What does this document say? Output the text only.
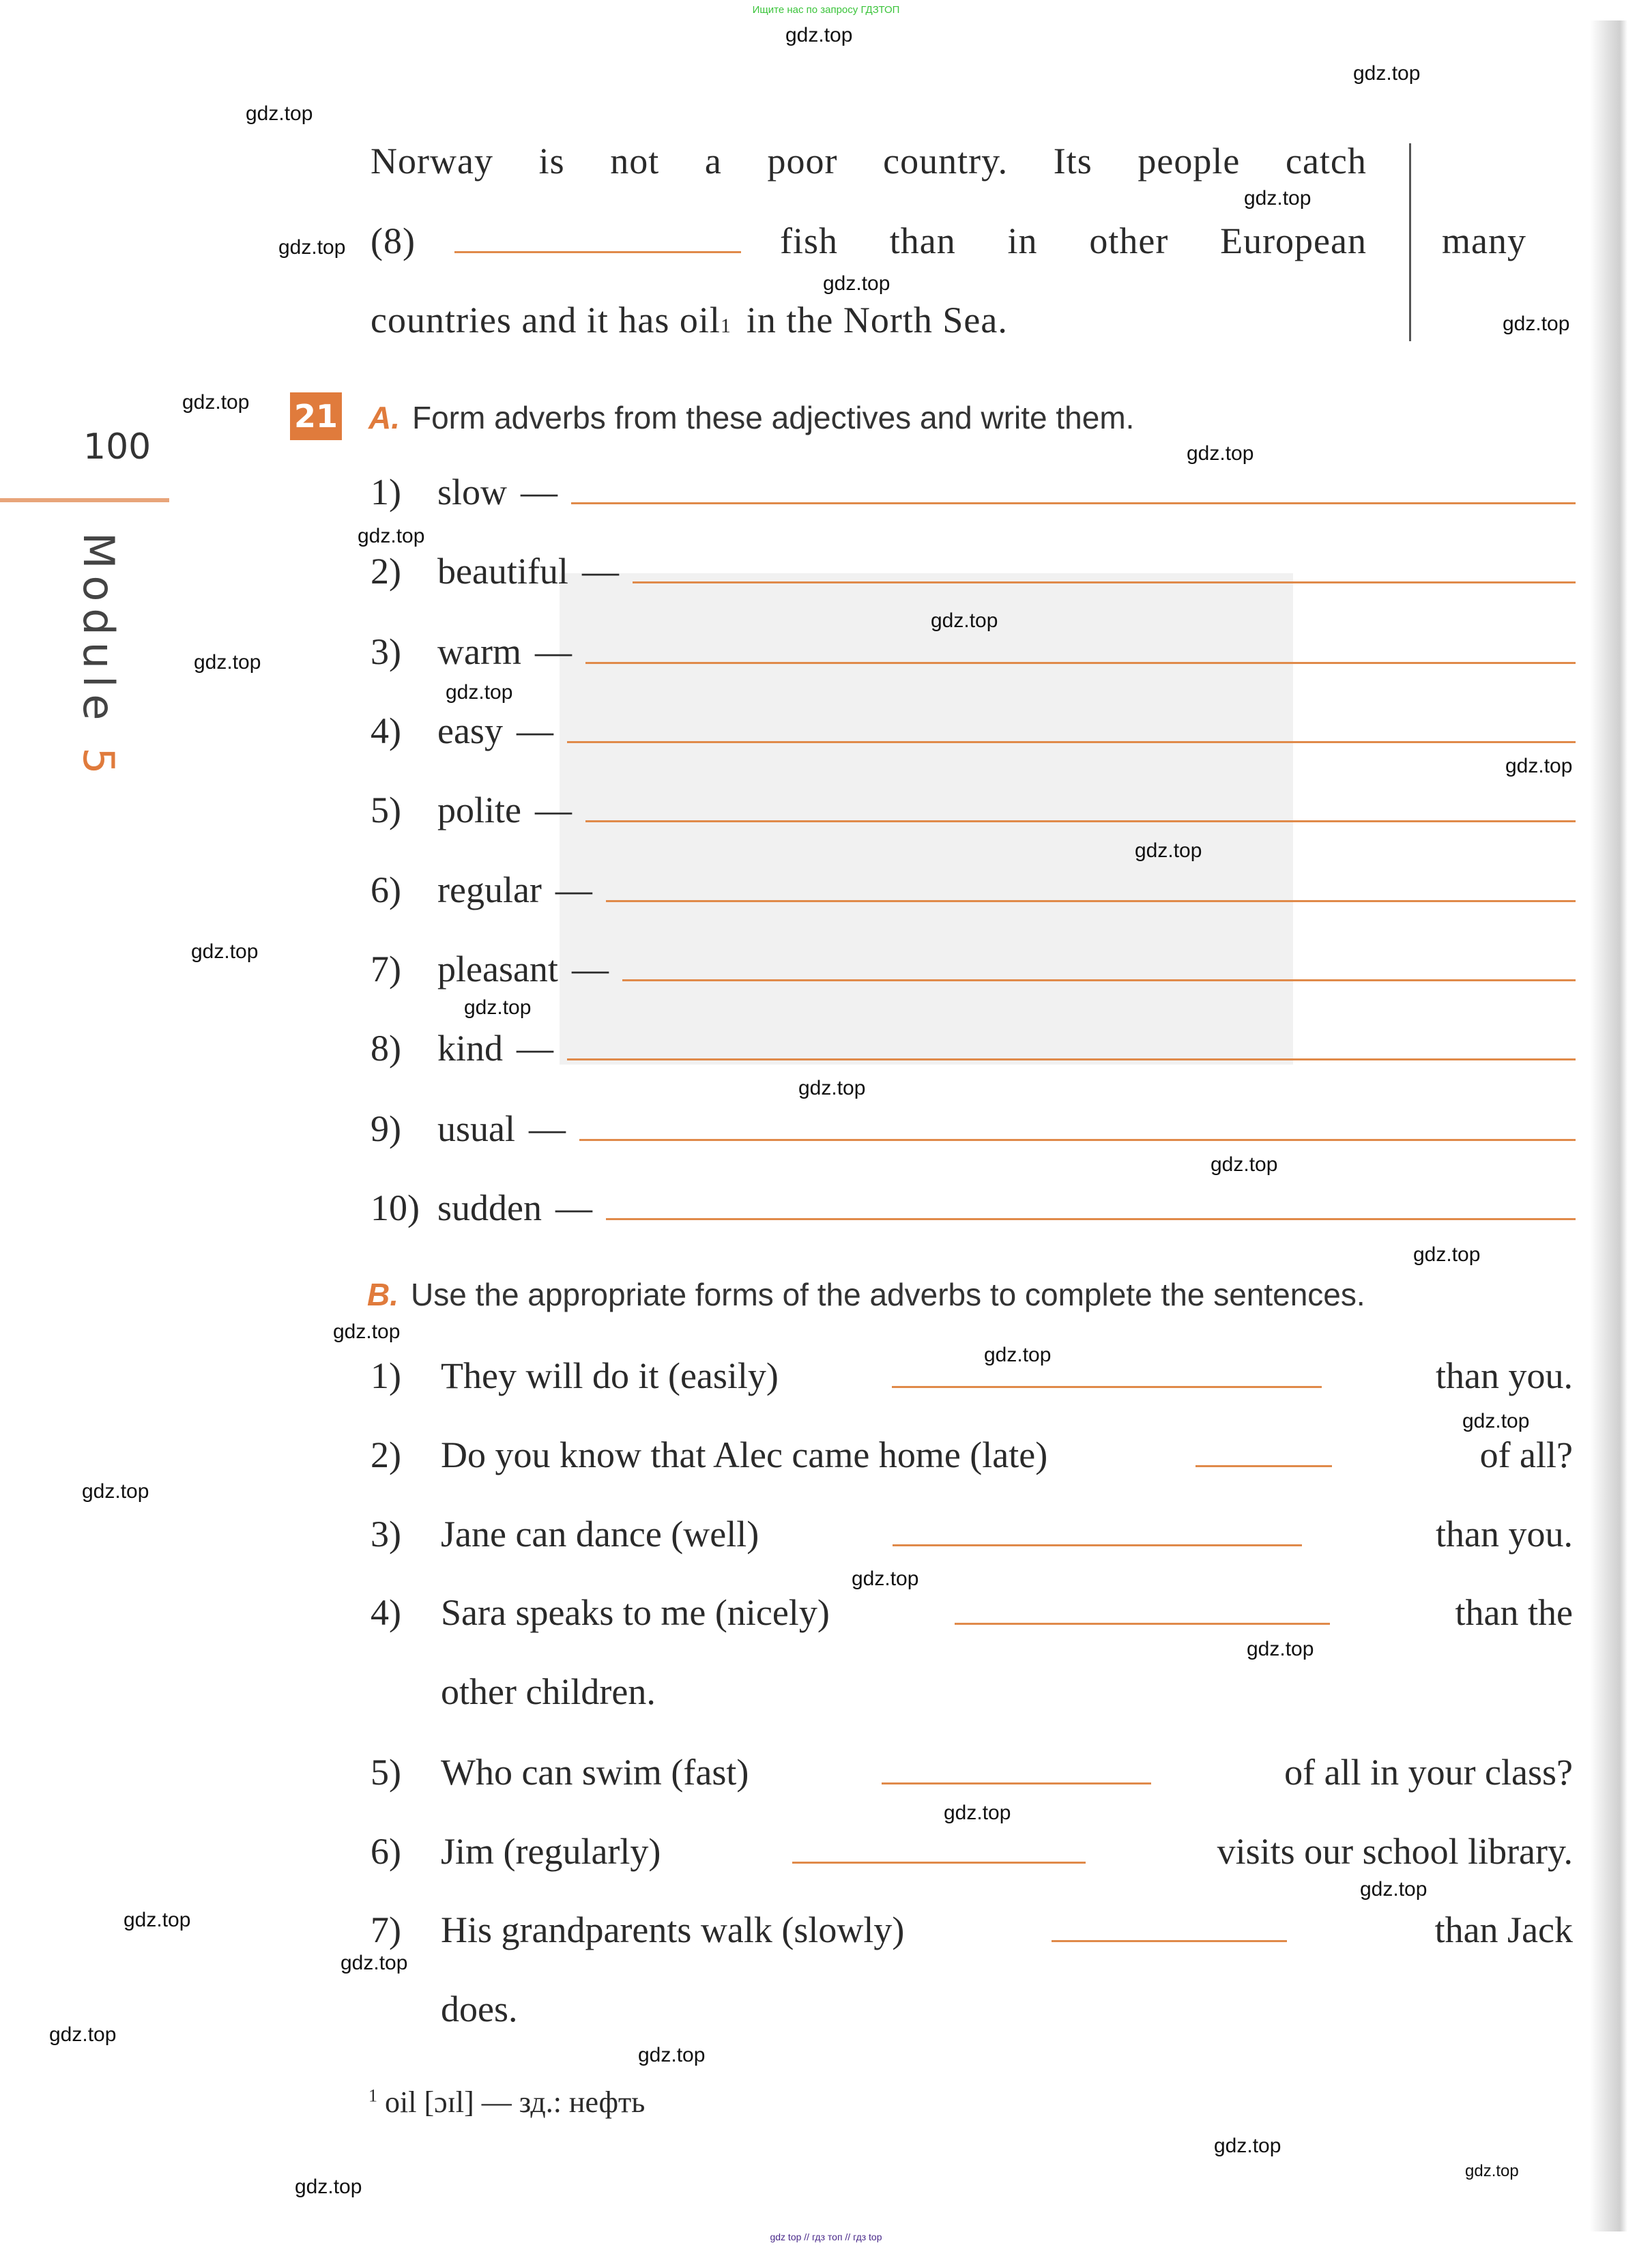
Ищите нас по запросу ГДЗТОП
gdz top // гдз топ // гдз top
100
Module 5
Norway is not a poor country. Its people catch
(8)	fish than in other European many
countries and it has oil 1 in the North Sea.
21 A. Form adverbs from these adjectives and write them.
1) slow —
2) beautiful —
3) warm —
4) easy —
5) polite —
6) regular —
7) pleasant —
8) kind —
9) usual —
10) sudden —
B. Use the appropriate forms of the adverbs to complete the sentences.
1)	They will do it (easily)	than you.
2)	Do you know that Alec came home (late)	of all?
3)	Jane can dance (well)	than you.
4)	Sara speaks to me (nicely)	than the
other children.
5)	Who can swim (fast)	of all in your class?
6)	Jim (regularly)	visits our school library.
7)	His grandparents walk (slowly)	than Jack
does.
$^1$ oil [ɔɪl] — зд.: нефть
gdz.top
gdz.top
gdz.top
gdz.top
gdz.top
gdz.top
gdz.top
gdz.top
gdz.top
gdz.top
gdz.top
gdz.top
gdz.top
gdz.top
gdz.top
gdz.top
gdz.top
gdz.top
gdz.top
gdz.top
gdz.top
gdz.top
gdz.top
gdz.top
gdz.top
gdz.top
gdz.top
gdz.top
gdz.top
gdz.top
gdz.top
gdz.top
gdz.top
gdz.top
gdz.top
